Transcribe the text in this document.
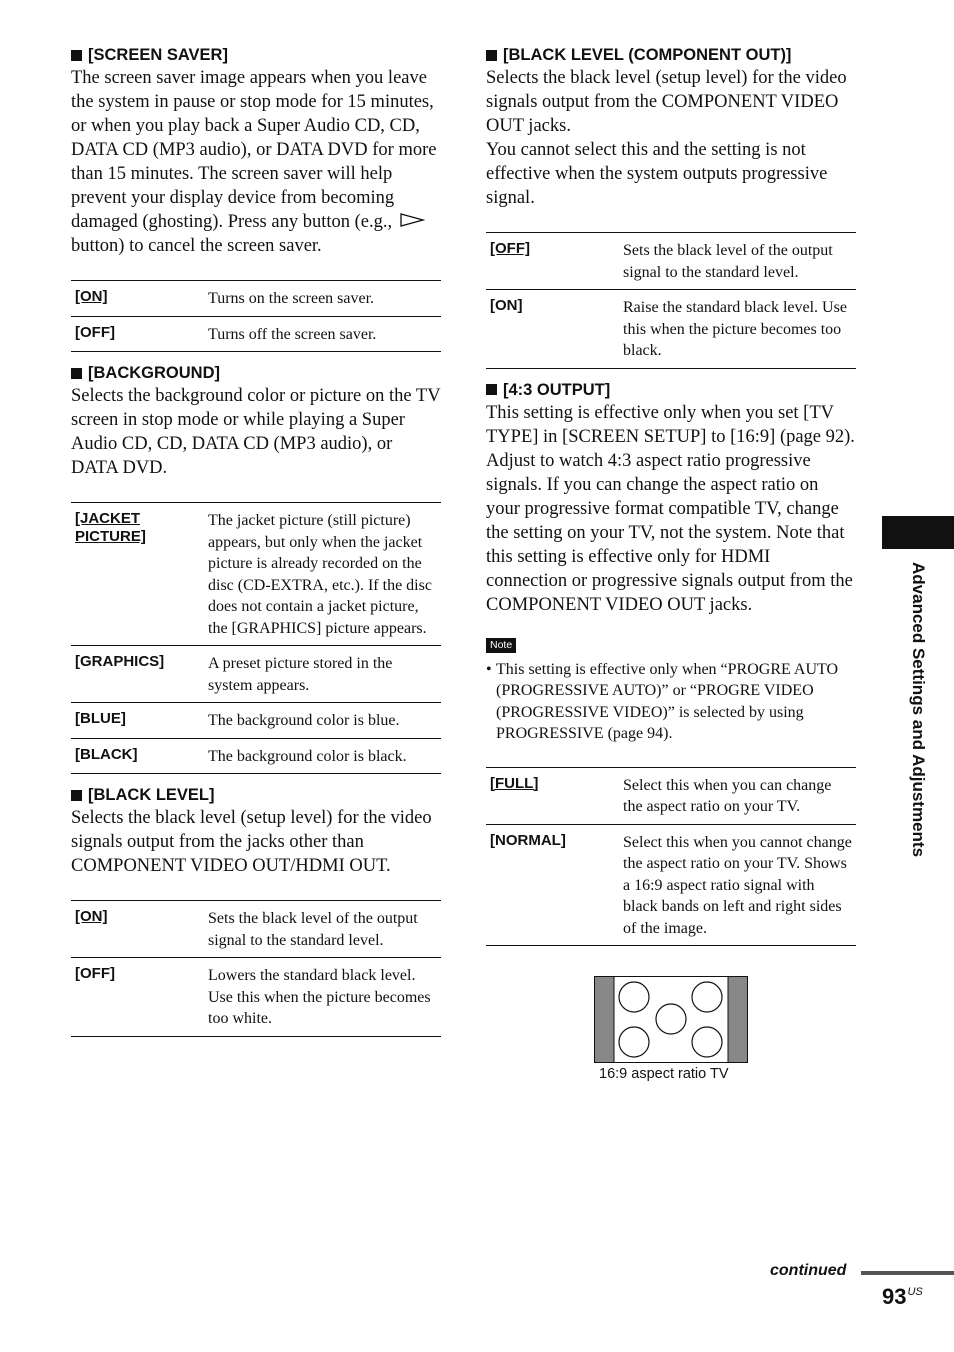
[SCREEN SAVER]
The screen saver image appears when you leave the system in pause or stop mode for 15 minutes, or when you play back a Super Audio CD, CD, DATA CD (MP3 audio), or DATA DVD for more than 15 minutes. The screen saver will help prevent your display device from becoming damaged (ghosting). Press any button (e.g.,  button) to cancel the screen saver.
[ON]	Turns on the screen saver.
[OFF]	Turns off the screen saver.
[BACKGROUND]
Selects the background color or picture on the TV screen in stop mode or while playing a Super Audio CD, CD, DATA CD (MP3 audio), or DATA DVD.
[JACKET PICTURE]	The jacket picture (still picture) appears, but only when the jacket picture is already recorded on the disc (CD-EXTRA, etc.). If the disc does not contain a jacket picture, the [GRAPHICS] picture appears.
[GRAPHICS]	A preset picture stored in the system appears.
[BLUE]	The background color is blue.
[BLACK]	The background color is black.
[BLACK LEVEL]
Selects the black level (setup level) for the video signals output from the jacks other than COMPONENT VIDEO OUT/HDMI OUT.
[ON]	Sets the black level of the output signal to the standard level.
[OFF]	Lowers the standard black level. Use this when the picture becomes too white.
[BLACK LEVEL (COMPONENT OUT)]

Selects the black level (setup level) for the video signals output from the COMPONENT VIDEO OUT jacks.

You cannot select this and the setting is not effective when the system outputs progressive signal.

[OFF]	Sets the black level of the output signal to the standard level.
[ON]	Raise the standard black level. Use this when the picture becomes too black.
[4:3 OUTPUT]
This setting is effective only when you set [TV TYPE] in [SCREEN SETUP] to [16:9] (page 92). Adjust to watch 4:3 aspect ratio progressive signals. If you can change the aspect ratio on your progressive format compatible TV, change the setting on your TV, not the system. Note that this setting is effective only for HDMI connection or progressive signals output from the COMPONENT VIDEO OUT jacks.
Note
• This setting is effective only when “PROGRE AUTO (PROGRESSIVE AUTO)” or “PROGRE VIDEO (PROGRESSIVE VIDEO)” is selected by using PROGRESSIVE (page 94).
[FULL]	Select this when you can change the aspect ratio on your TV.
[NORMAL]	Select this when you cannot change the aspect ratio on your TV. Shows a 16:9 aspect ratio signal with black bands on left and right sides of the image.
16:9 aspect ratio TV
Advanced Settings and Adjustments
continued
$93^{US}$
